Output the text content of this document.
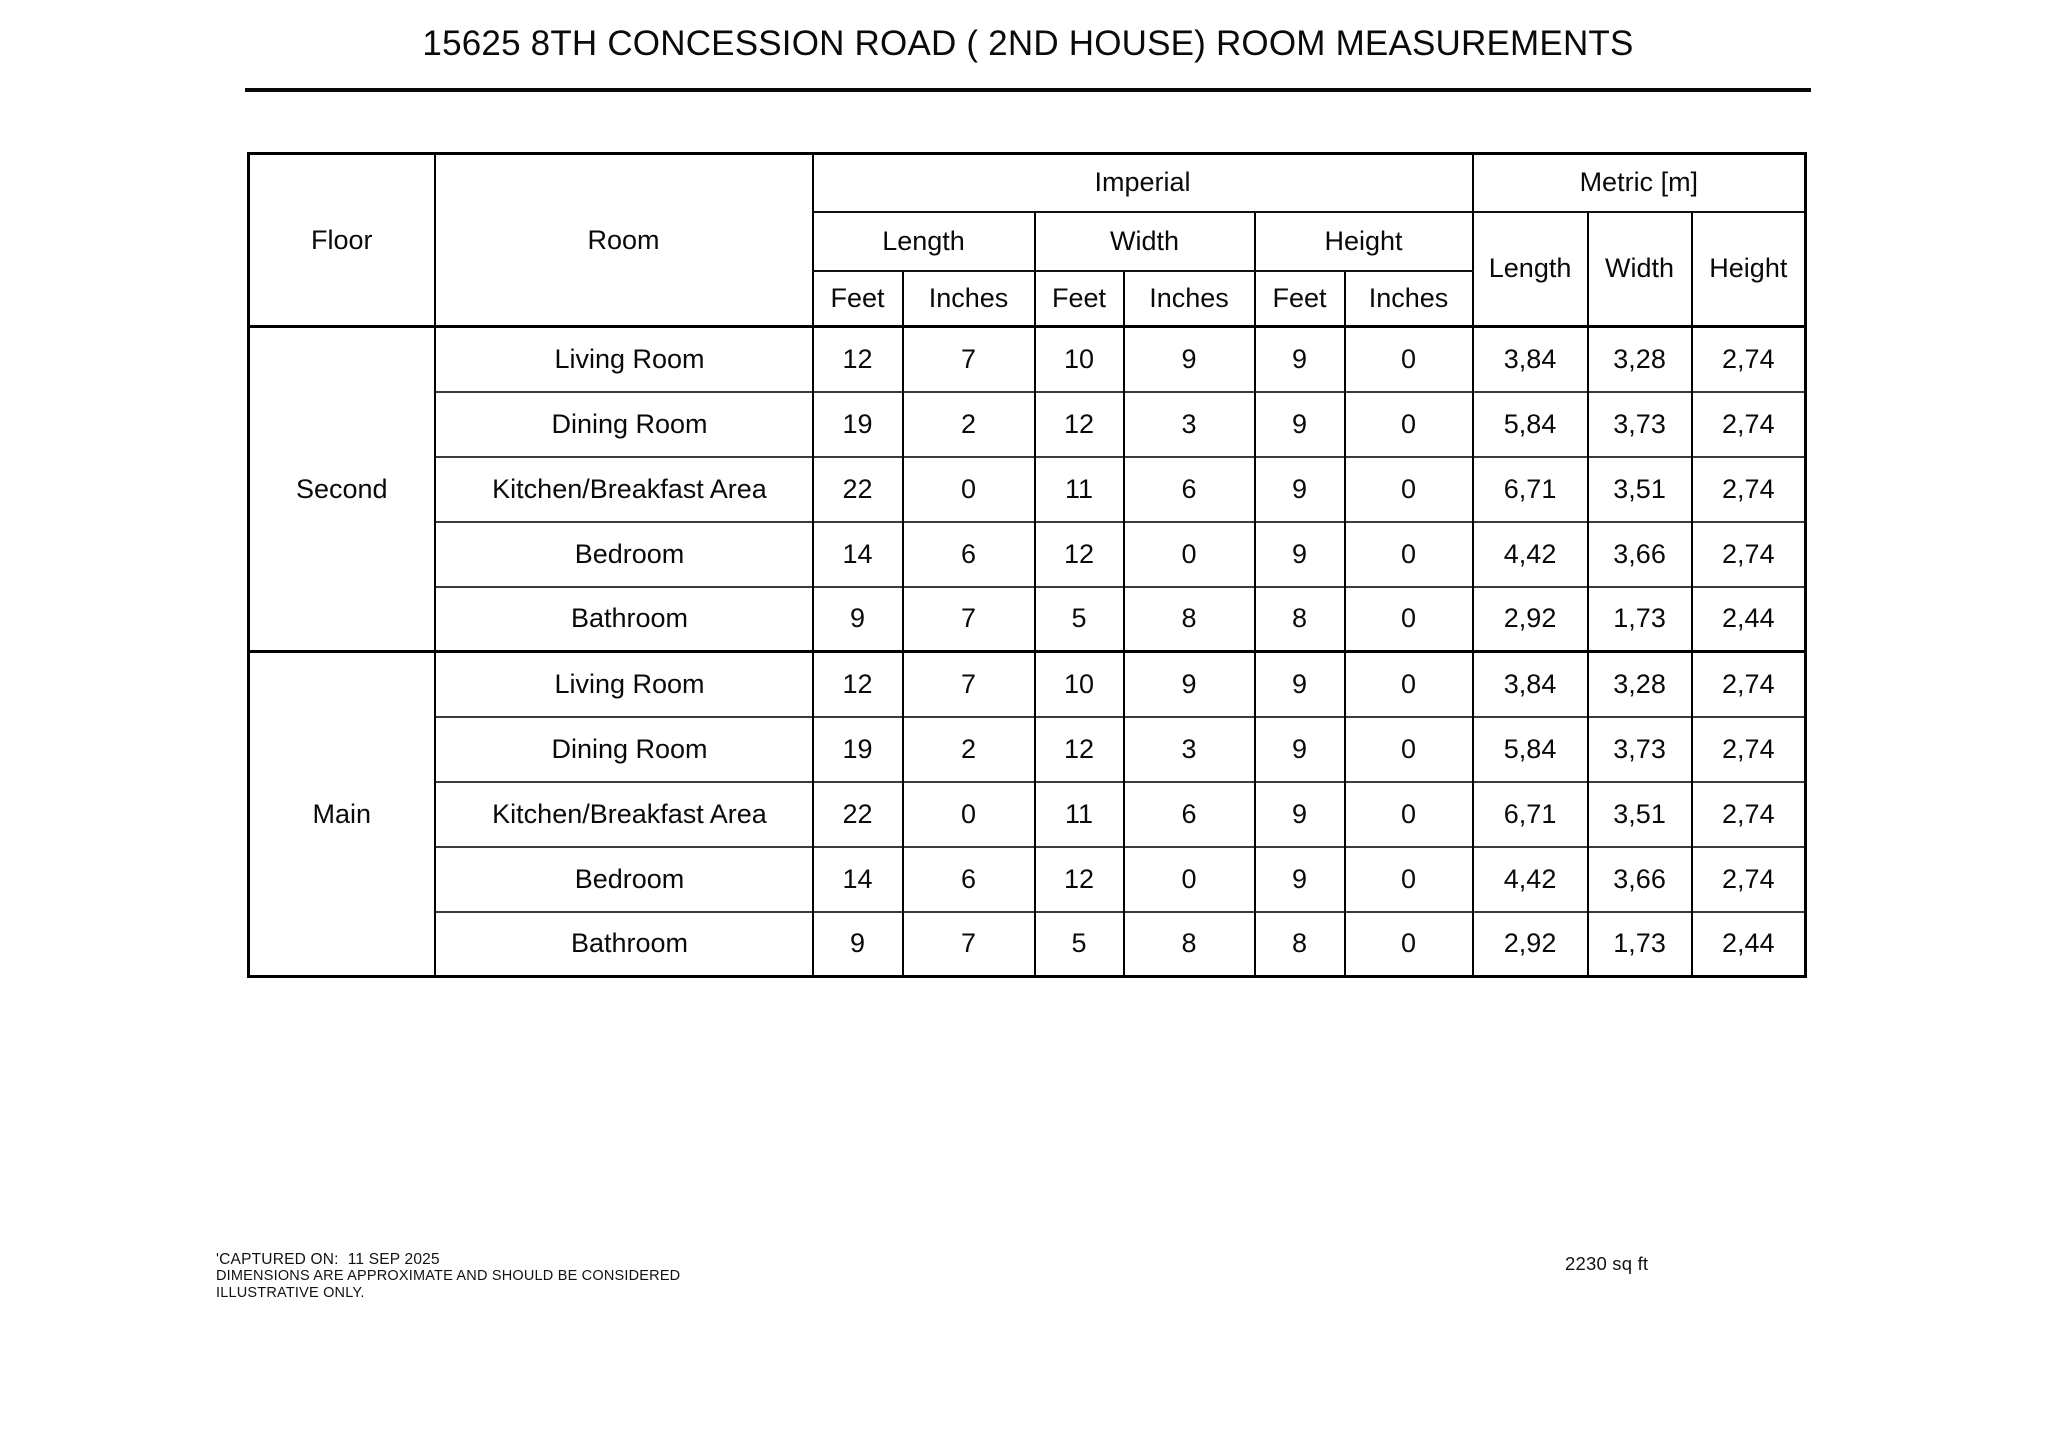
15625 8TH CONCESSION ROAD ( 2ND HOUSE) ROOM MEASUREMENTS
Floor	Room	Imperial						Metric [m]		
		Length		Width		Height		Length	Width	Height
		Feet	Inches	Feet	Inches	Feet	Inches			
Second	Living Room	12	7	10	9	9	0	3,84	3,28	2,74
	Dining Room	19	2	12	3	9	0	5,84	3,73	2,74
	Kitchen/Breakfast Area	22	0	11	6	9	0	6,71	3,51	2,74
	Bedroom	14	6	12	0	9	0	4,42	3,66	2,74
	Bathroom	9	7	5	8	8	0	2,92	1,73	2,44
Main	Living Room	12	7	10	9	9	0	3,84	3,28	2,74
	Dining Room	19	2	12	3	9	0	5,84	3,73	2,74
	Kitchen/Breakfast Area	22	0	11	6	9	0	6,71	3,51	2,74
	Bedroom	14	6	12	0	9	0	4,42	3,66	2,74
	Bathroom	9	7	5	8	8	0	2,92	1,73	2,44
'CAPTURED ON:  11 SEP 2025
DIMENSIONS ARE APPROXIMATE AND SHOULD BE CONSIDERED
ILLUSTRATIVE ONLY.
2230 sq ft
